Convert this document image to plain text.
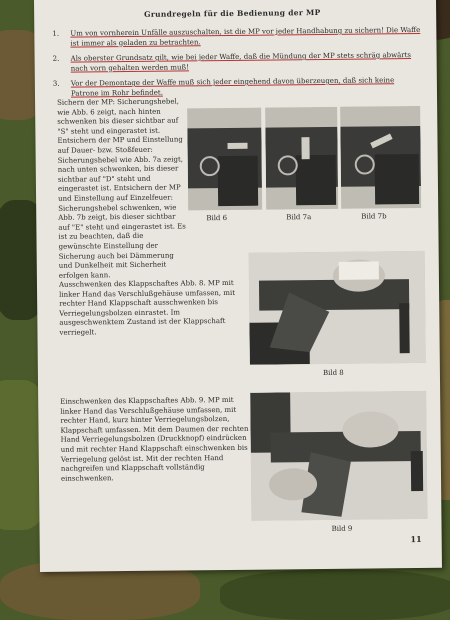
Grundregeln für die Bedienung der MP
1. Um von vornherein Unfälle auszuschalten, ist die MP vor jeder Handhabung zu sichern! Die Waffe ist immer als geladen zu betrachten.
2. Als oberster Grundsatz gilt, wie bei jeder Waffe, daß die Mündung der MP stets schräg abwärts nach vorn gehalten werden muß!
3. Vor der Demontage der Waffe muß sich jeder eingehend davon überzeugen, daß sich keine Patrone im Rohr befindet.
Sichern der MP: Sicherungshebel, wie Abb. 6 zeigt, nach hinten schwenken bis dieser sichtbar auf "S" steht und eingerastet ist. Entsichern der MP und Einstellung auf Dauer- bzw. Stoßfeuer: Sicherungshebel wie Abb. 7a zeigt, nach unten schwenken, bis dieser sichtbar auf "D" steht und eingerastet ist. Entsichern der MP und Einstellung auf Einzelfeuer: Sicherungshebel schwenken, wie Abb. 7b zeigt, bis dieser sichtbar auf "E" steht und eingerastet ist. Es ist zu beachten, daß die gewünschte Einstellung der Sicherung auch bei Dämmerung und Dunkelheit mit Sicherheit erfolgen kann.
Bild 6	Bild 7a	Bild 7b
Ausschwenken des Klappschaftes Abb. 8. MP mit linker Hand das Verschlußgehäuse umfassen, mit rechter Hand Klappschaft ausschwenken bis Verriegelungsbolzen einrastet. Im ausgeschwenktem Zustand ist der Klappschaft verriegelt.
Bild 8
Einschwenken des Klappschaftes Abb. 9. MP mit linker Hand das Verschlußgehäuse umfassen, mit rechter Hand, kurz hinter Verriegelungsbolzen, Klappschaft umfassen. Mit dem Daumen der rechten Hand Verriegelungsbolzen (Druckknopf) eindrücken und mit rechter Hand Klappschaft einschwenken bis Verriegelung gelöst ist. Mit der rechten Hand nachgreifen und Klappschaft vollständig einschwenken.
Bild 9
11
